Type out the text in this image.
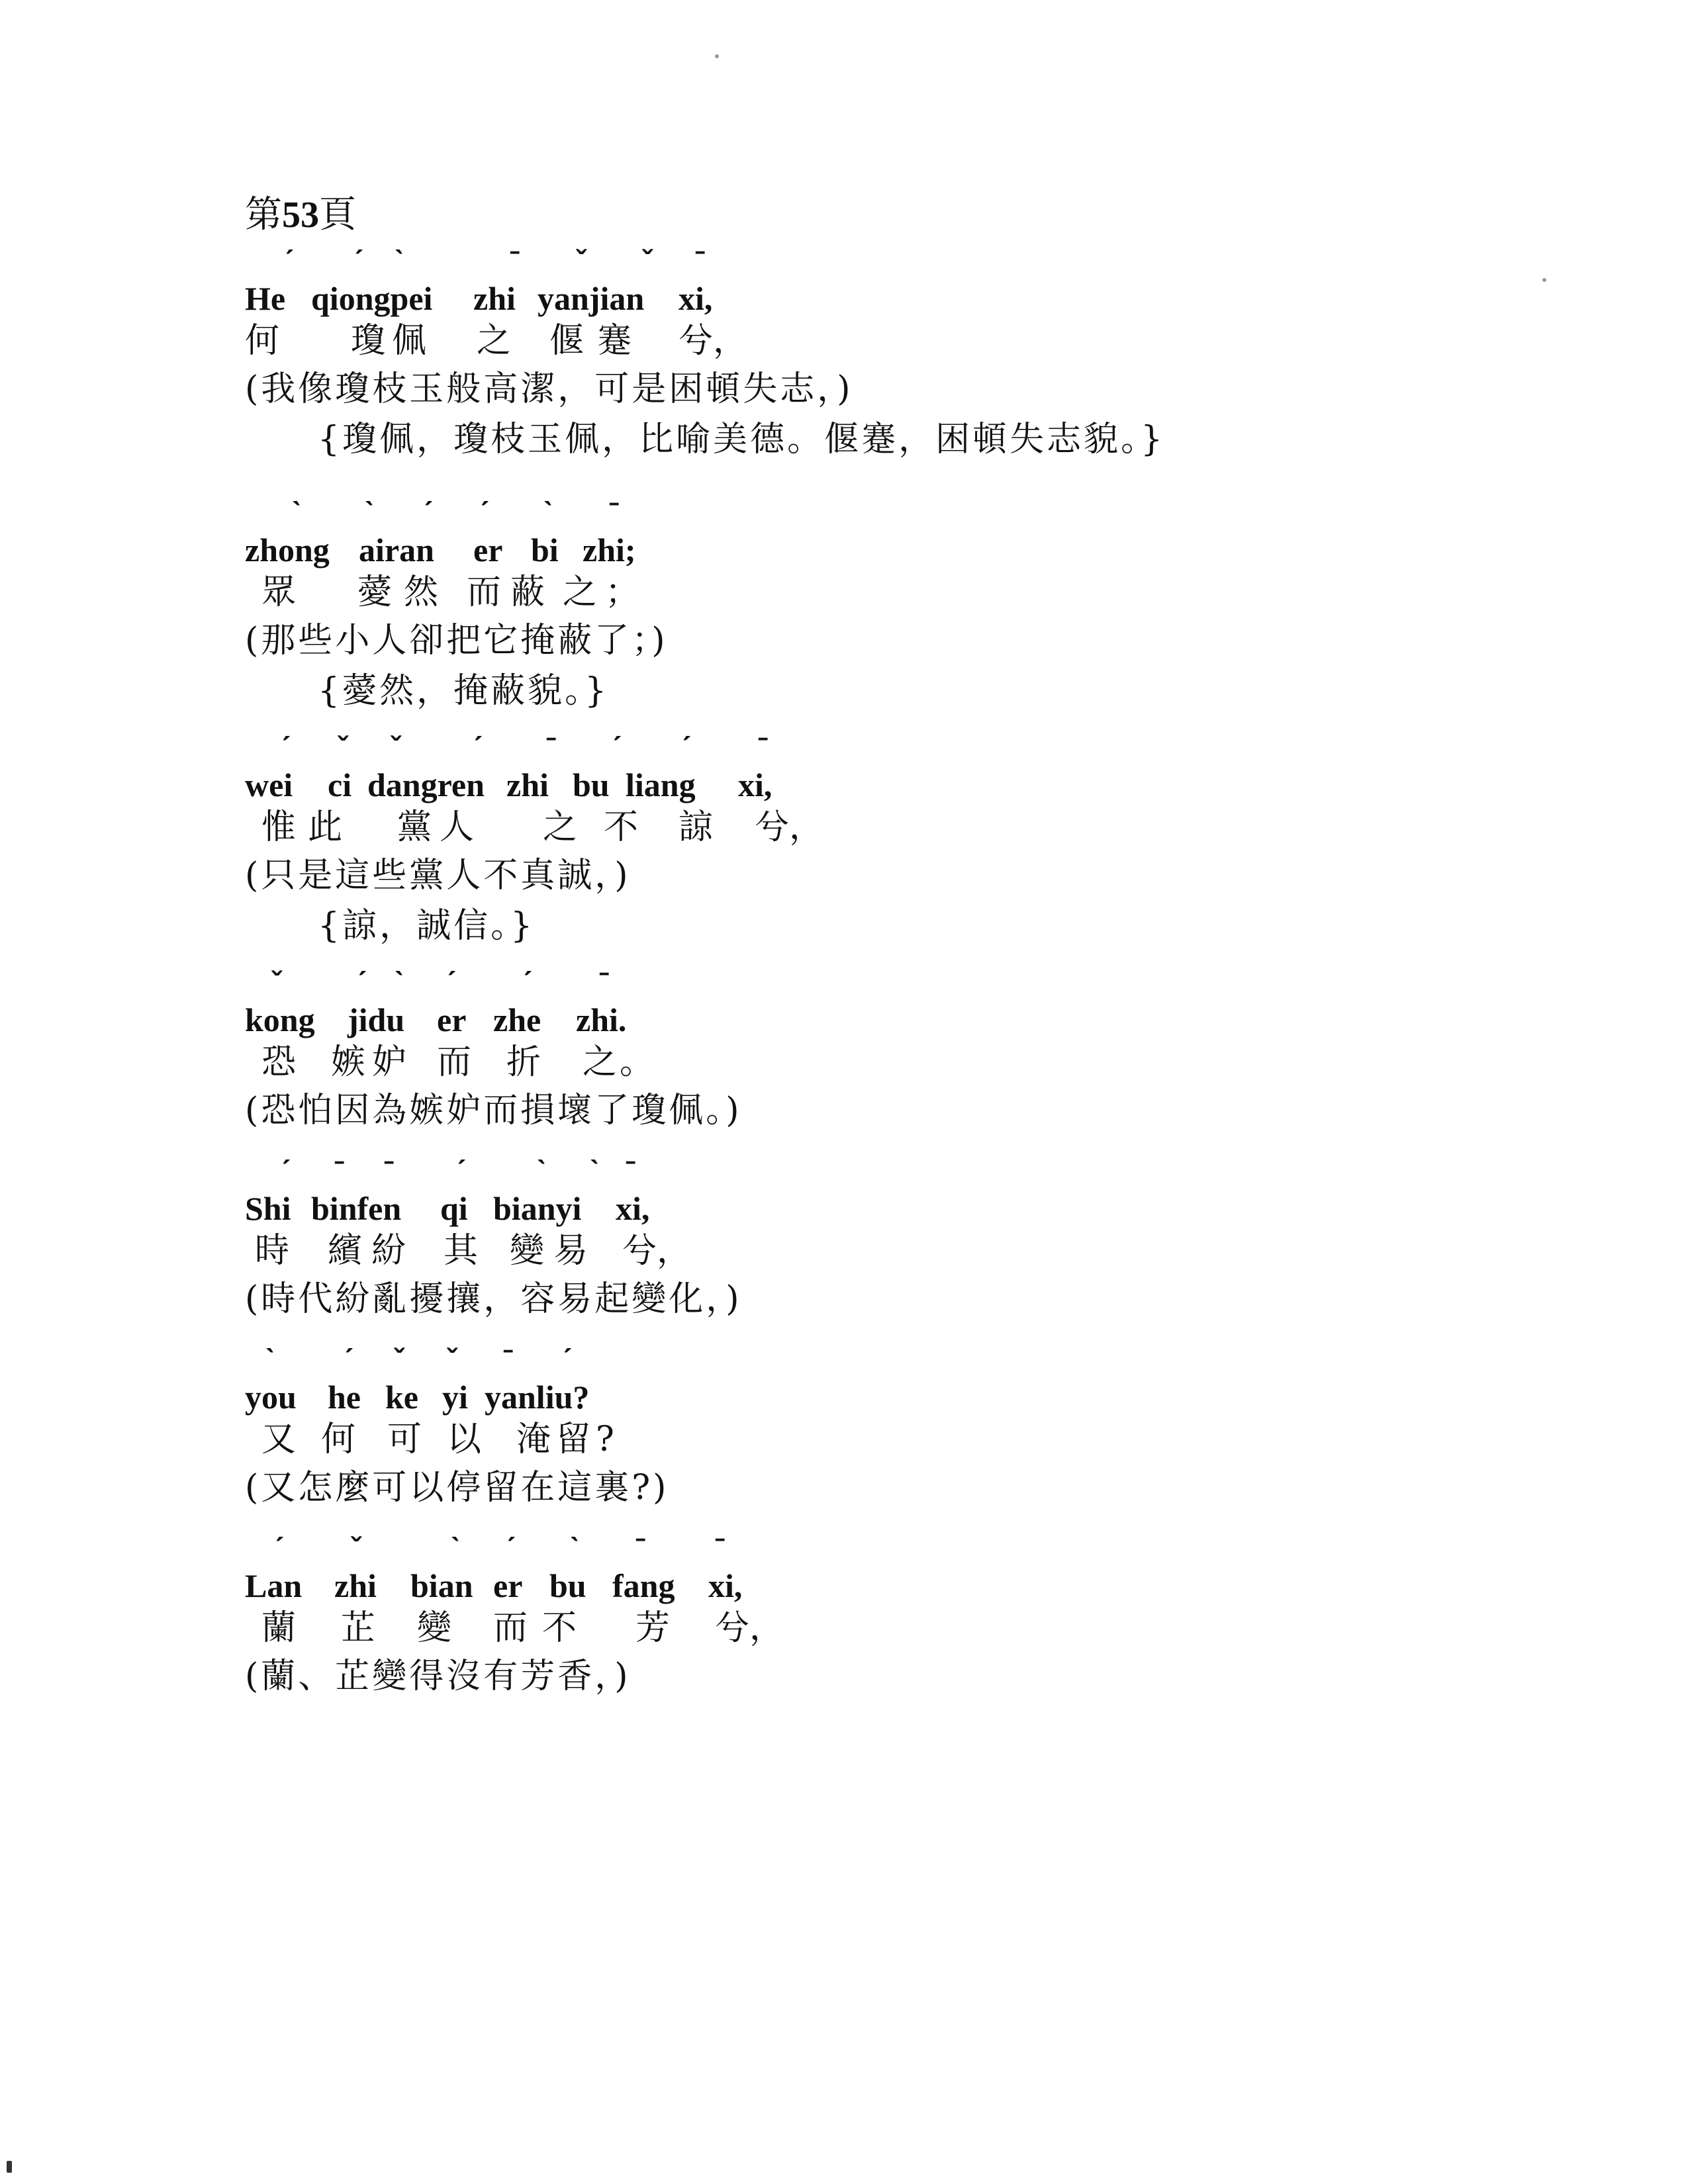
第53頁
ˊ ˊ ˋ	ˉ ˇ ˇ ˉ
He qiongpei zhi yanjian xi,
何 瓊佩 之 偃蹇 兮，
(我像瓊枝玉般高潔，可是困頓失志，)
{瓊佩，瓊枝玉佩，比喻美德。偃蹇，困頓失志貌。}
ˋ ˋ ˊ ˊ ˋ ˉ
zhong airan er bi zhi;
眾 薆然 而蔽 之；
(那些小人卻把它掩蔽了；)
{薆然，掩蔽貌。}
ˊ ˇ ˇ ˊ ˉ ˊ ˊ ˉ
wei ci dangren zhi bu liang xi,
惟此 黨人 之不 諒 兮，
(只是這些黨人不真誠，)
{諒，誠信。}
ˇ ˊ ˋ ˊ ˊ ˉ
kong jidu er zhe zhi.
恐 嫉妒 而 折 之。
(恐怕因為嫉妒而損壞了瓊佩。)
ˊ ˉ ˉ ˊ ˋ ˋ ˉ
Shi binfen qi bianyi xi,
時 繽紛 其 變易 兮，
(時代紛亂擾攘，容易起變化，)
ˋ ˊ ˇ ˇ ˉ ˊ
you he ke yi yanliu?
又 何 可 以 淹留?
(又怎麼可以停留在這裏?)
ˊ ˇ	ˋ ˊ ˋ ˉ ˉ
Lan zhi bian er bu fang xi,
蘭 芷 變 而不 芳 兮，
(蘭、芷變得沒有芳香，)
